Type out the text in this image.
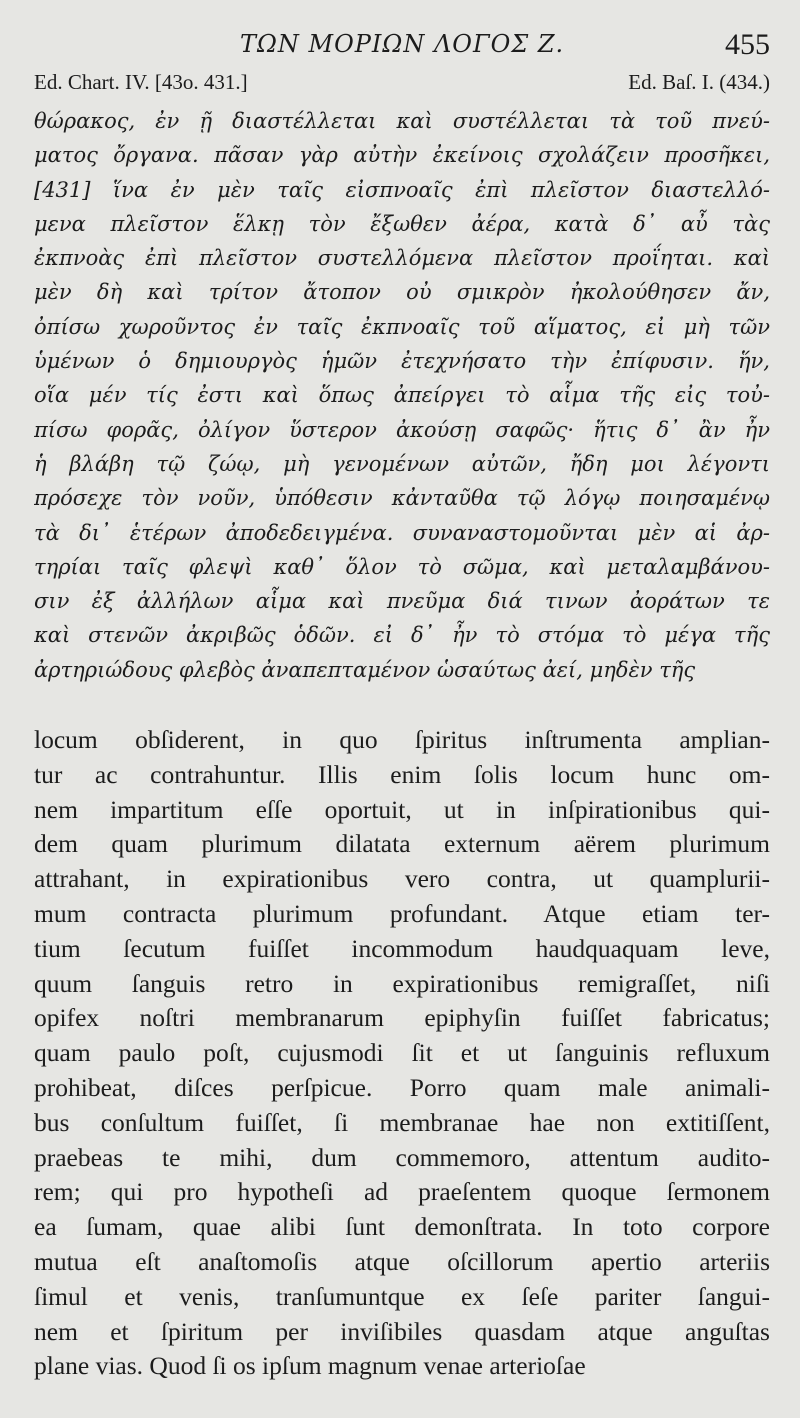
ΤΩΝ ΜΟΡΙΩΝ ΛΟΓΟΣ Ζ.	455
Ed. Chart. IV. [43o. 431.]	Ed. Baſ. I. (434.)
θώρακος, ἐν ῇ διαστέλλεται καὶ συστέλλεται τὰ τοῦ πνεύ-
ματος ὄργανα. πᾶσαν γὰρ αὐτὴν ἐκείνοις σχολάζειν προσῆκει,
[431] ἵνα ἐν μὲν ταῖς εἰσπνοαῖς ἐπὶ πλεῖστον διαστελλό-
μενα πλεῖστον ἕλκῃ τὸν ἔξωθεν ἀέρα, κατὰ δ᾽ αὖ τὰς
ἐκπνοὰς ἐπὶ πλεῖστον συστελλόμενα πλεῖστον προΐηται. καὶ
μὲν δὴ καὶ τρίτον ἄτοπον οὐ σμικρὸν ἠκολούθησεν ἄν,
ὀπίσω χωροῦντος ἐν ταῖς ἐκπνοαῖς τοῦ αἵματος, εἰ μὴ τῶν
ὑμένων ὁ δημιουργὸς ἡμῶν ἐτεχνήσατο τὴν ἐπίφυσιν. ἥν,
οἵα μέν τίς ἐστι καὶ ὅπως ἀπείργει τὸ αἷμα τῆς εἰς τοὐ-
πίσω φορᾶς, ὀλίγον ὕστερον ἀκούσῃ σαφῶς· ἥτις δ᾽ ἂν ἦν
ἡ βλάβη τῷ ζώῳ, μὴ γενομένων αὐτῶν, ἤδη μοι λέγοντι
πρόσεχε τὸν νοῦν, ὑπόθεσιν κἀνταῦθα τῷ λόγῳ ποιησαμένῳ
τὰ δι᾽ ἑτέρων ἀποδεδειγμένα. συναναστομοῦνται μὲν αἱ ἀρ-
τηρίαι ταῖς φλεψὶ καθ᾽ ὅλον τὸ σῶμα, καὶ μεταλαμβάνου-
σιν ἐξ ἀλλήλων αἷμα καὶ πνεῦμα διά τινων ἀοράτων τε
καὶ στενῶν ἀκριβῶς ὁδῶν. εἰ δ᾽ ἦν τὸ στόμα τὸ μέγα τῆς
ἀρτηριώδους φλεβὸς ἀναπεπταμένον ὡσαύτως ἀεί, μηδὲν τῆς
locum obſiderent, in quo ſpiritus inſtrumenta amplian-
tur ac contrahuntur. Illis enim ſolis locum hunc om-
nem impartitum eſſe oportuit, ut in inſpirationibus qui-
dem quam plurimum dilatata externum aërem plurimum
attrahant, in expirationibus vero contra, ut quamplurii-
mum contracta plurimum profundant. Atque etiam ter-
tium ſecutum fuiſſet incommodum haudquaquam leve,
quum ſanguis retro in expirationibus remigraſſet, niſi
opifex noſtri membranarum epiphyſin fuiſſet fabricatus;
quam paulo poſt, cujusmodi ſit et ut ſanguinis refluxum
prohibeat, diſces perſpicue. Porro quam male animali-
bus conſultum fuiſſet, ſi membranae hae non extitiſſent,
praebeas te mihi, dum commemoro, attentum audito-
rem; qui pro hypotheſi ad praeſentem quoque ſermonem
ea ſumam, quae alibi ſunt demonſtrata. In toto corpore
mutua eſt anaſtomoſis atque oſcillorum apertio arteriis
ſimul et venis, tranſumuntque ex ſeſe pariter ſangui-
nem et ſpiritum per inviſibiles quasdam atque anguſtas
plane vias. Quod ſi os ipſum magnum venae arterioſae
